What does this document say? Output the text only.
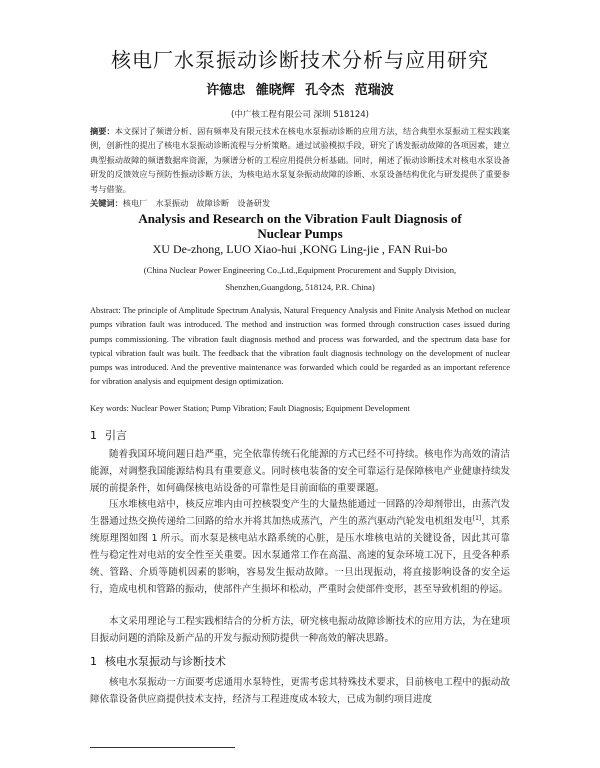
核电厂水泵振动诊断技术分析与应用研究
许德忠 雒晓辉 孔令杰 范瑞波
(中广核工程有限公司 深圳 518124)
摘要：本文探讨了频谱分析、固有频率及有限元技术在核电水泵振动诊断的应用方法，结合典型水泵振动工程实践案例，创新性的提出了核电水泵振动诊断流程与分析策略。通过试验模拟手段，研究了诱发振动故障的各项因素，建立典型振动故障的频谱数据库资源，为频谱分析的工程应用提供分析基础。同时，阐述了振动诊断技术对核电水泵设备研发的反馈效应与预防性振动诊断方法，为核电站水泵复杂振动故障的诊断、水泵设备结构优化与研发提供了重要参考与借鉴。
关键词：核电厂　水泵振动　故障诊断　设备研发
Analysis and Research on the Vibration Fault Diagnosis of
Nuclear Pumps
XU De-zhong, LUO Xiao-hui ,KONG Ling-jie , FAN Rui-bo
(China Nuclear Power Engineering Co.,Ltd.,Equipment Procurement and Supply Division,
Shenzhen,Guangdong, 518124, P.R. China)
Abstract: The principle of Amplitude Spectrum Analysis, Natural Frequency Analysis and Finite Analysis Method on nuclear pumps vibration fault was introduced. The method and instruction was formed through construction cases issued during pumps commissioning. The vibration fault diagnosis method and process was forwarded, and the spectrum data base for typical vibration fault was built. The feedback that the vibration fault diagnosis technology on the development of nuclear pumps was introduced. And the preventive maintenance was forwarded which could be regarded as an important reference for vibration analysis and equipment design optimization.
Key words: Nuclear Power Station; Pump Vibration; Fault Diagnosis; Equipment Development
1 引言
随着我国环境问题日趋严重，完全依靠传统石化能源的方式已经不可持续。核电作为高效的清洁能源，对调整我国能源结构具有重要意义。同时核电装备的安全可靠运行是保障核电产业健康持续发展的前提条件，如何确保核电站设备的可靠性是目前面临的重要课题。
压水堆核电站中，核反应堆内由可控核裂变产生的大量热能通过一回路的冷却剂带出，由蒸汽发生器通过热交换传递给二回路的给水并将其加热成蒸汽，产生的蒸汽驱动汽轮发电机组发电[1]，其系统原理图如图 1 所示。而水泵是核电站水路系统的心脏，是压水堆核电站的关键设备，因此其可靠性与稳定性对电站的安全性至关重要。因水泵通常工作在高温、高速的复杂环境工况下，且受各种系统、管路、介质等随机因素的影响，容易发生振动故障。一旦出现振动，将直接影响设备的安全运行，造成电机和管路的振动，使部件产生损坏和松动，严重时会使部件变形，甚至导致机组的停运。
本文采用理论与工程实践相结合的分析方法，研究核电振动故障诊断技术的应用方法，为在建项目振动问题的消除及新产品的开发与振动预防提供一种高效的解决思路。
1 核电水泵振动与诊断技术
核电水泵振动一方面要考虑通用水泵特性，更需考虑其特殊技术要求，目前核电工程中的振动故障依靠设备供应商提供技术支持，经济与工程进度成本较大，已成为制约项目进度
